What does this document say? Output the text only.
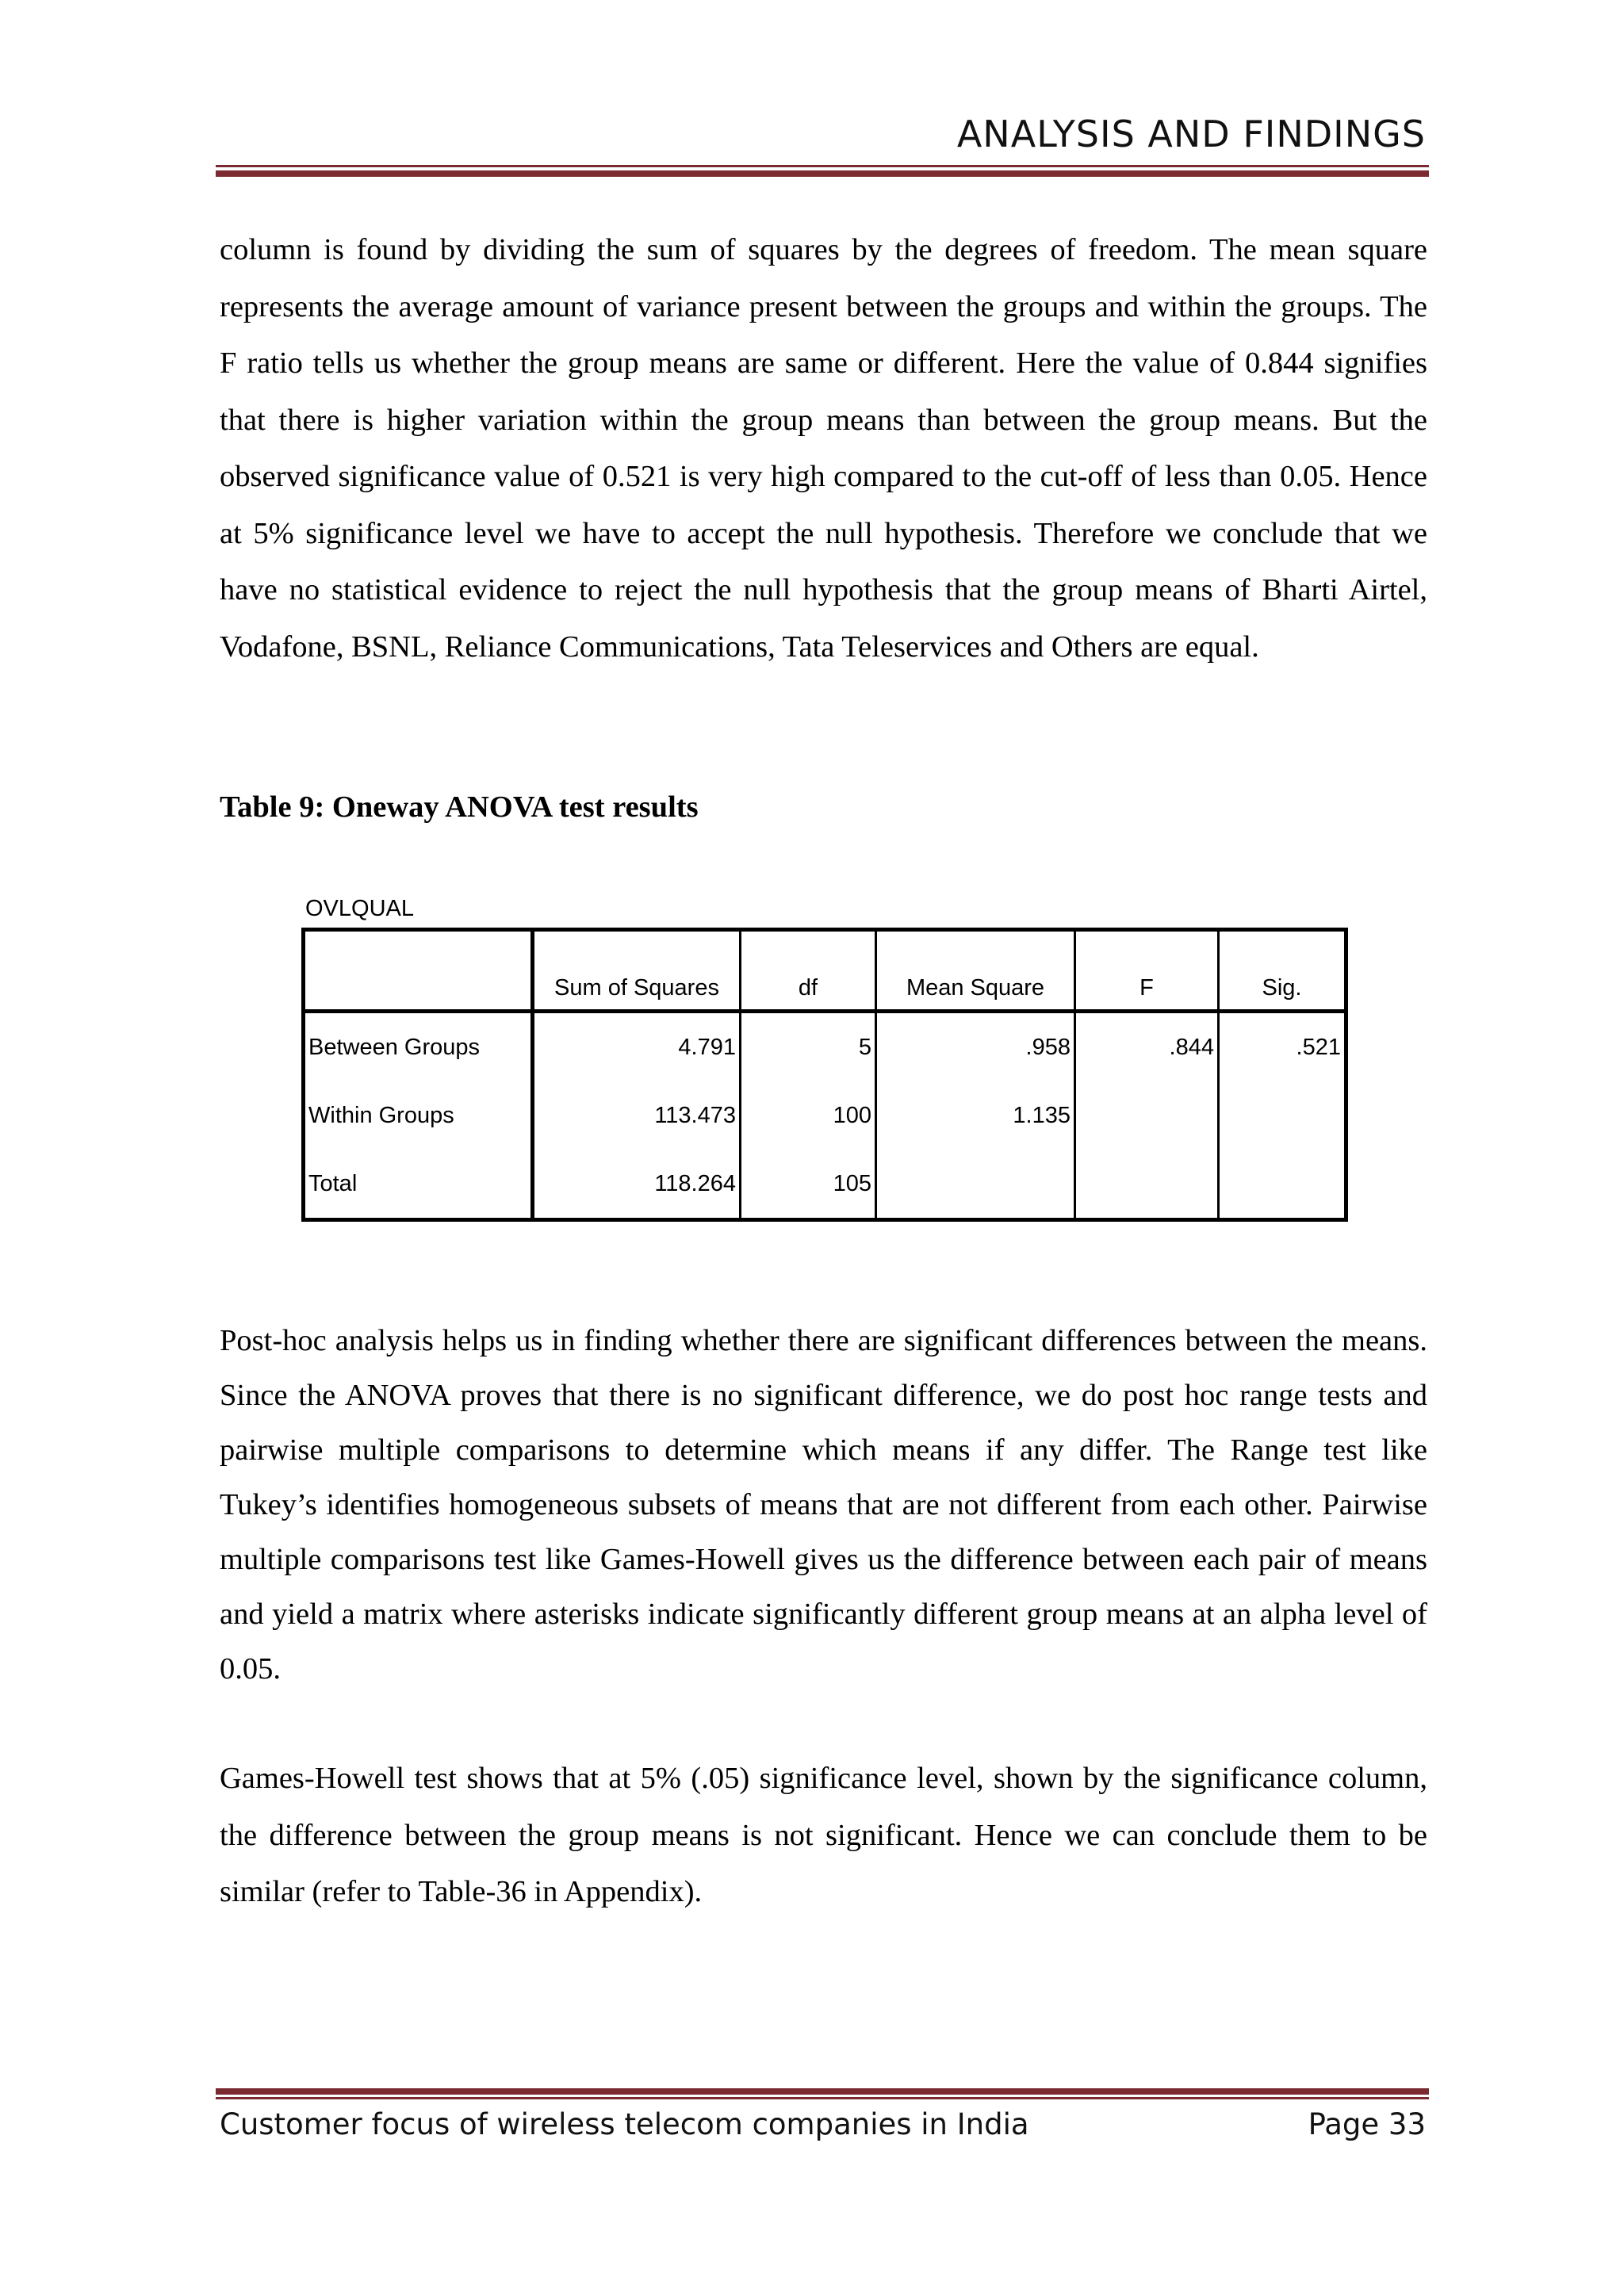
ANALYSIS AND FINDINGS

column is found by dividing the sum of squares by the degrees of freedom. The mean square represents the average amount of variance present between the groups and within the groups. The F ratio tells us whether the group means are same or different. Here the value of 0.844 signifies that there is higher variation within the group means than between the group means. But the observed significance value of 0.521 is very high compared to the cut-off of less than 0.05. Hence at 5% significance level we have to accept the null hypothesis. Therefore we conclude that we have no statistical evidence to reject the null hypothesis that the group means of Bharti Airtel, Vodafone, BSNL, Reliance Communications, Tata Teleservices and Others are equal.

Table 9: Oneway ANOVA test results
OVLQUAL
	Sum of Squares	df	Mean Square	F	Sig.
Between Groups	4.791	5	.958	.844	.521
Within Groups	113.473	100	1.135		
Total	118.264	105			

Post-hoc analysis helps us in finding whether there are significant differences between the means. Since the ANOVA proves that there is no significant difference, we do post hoc range tests and pairwise multiple comparisons to determine which means if any differ. The Range test like Tukey’s identifies homogeneous subsets of means that are not different from each other. Pairwise multiple comparisons test like Games-Howell gives us the difference between each pair of means and yield a matrix where asterisks indicate significantly different group means at an alpha level of 0.05.

Games-Howell test shows that at 5% (.05) significance level, shown by the significance column, the difference between the group means is not significant. Hence we can conclude them to be similar (refer to Table-36 in Appendix).

Customer focus of wireless telecom companies in India	Page 33
